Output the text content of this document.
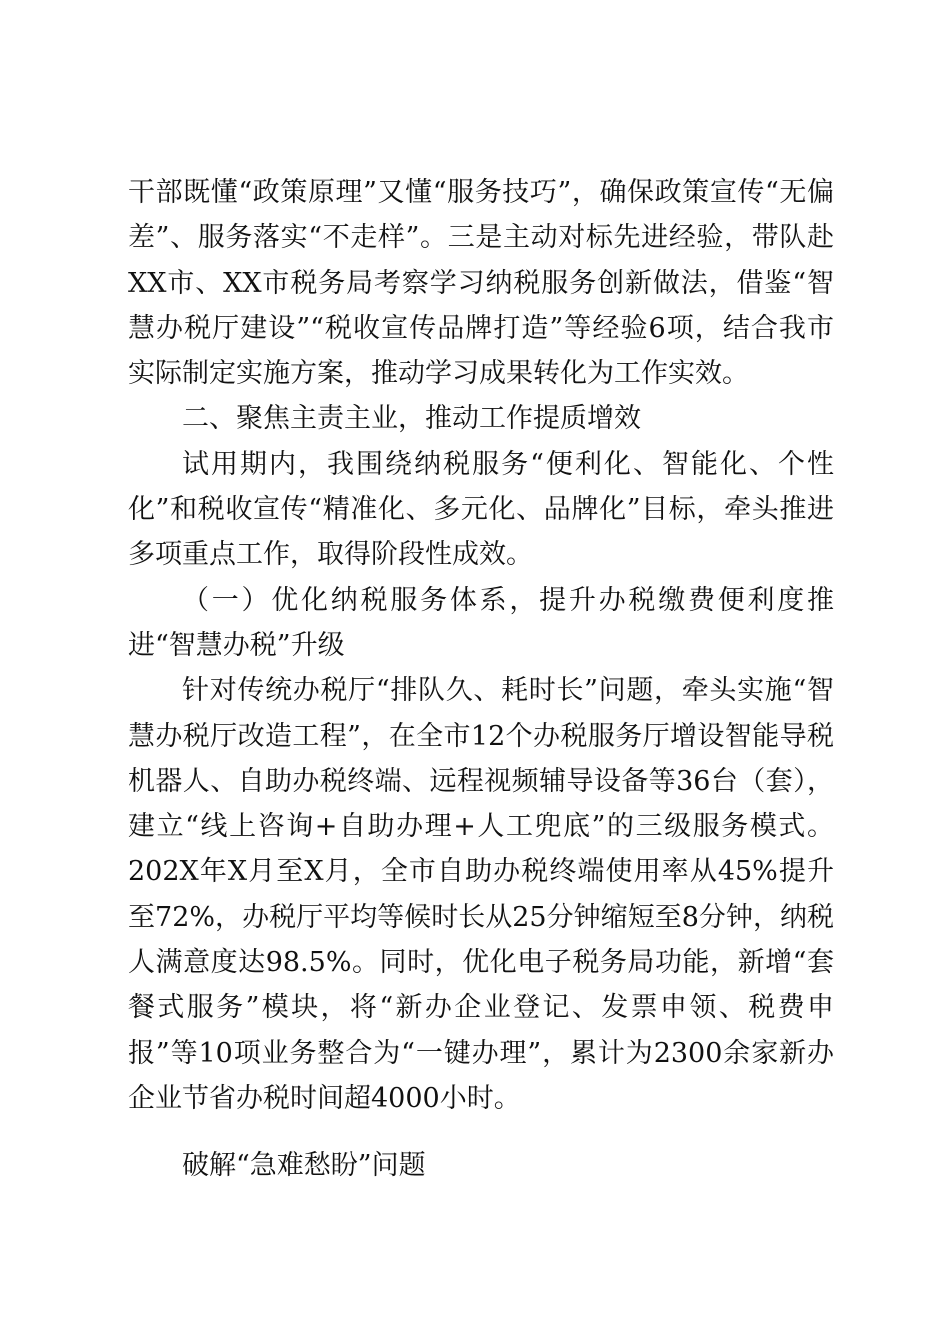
干部既懂“政策原理”又懂“服务技巧”，确保政策宣传“无偏差”、服务落实“不走样”。三是主动对标先进经验，带队赴XX市、XX市税务局考察学习纳税服务创新做法，借鉴“智慧办税厅建设”“税收宣传品牌打造”等经验6项，结合我市实际制定实施方案，推动学习成果转化为工作实效。

二、聚焦主责主业，推动工作提质增效

试用期内，我围绕纳税服务“便利化、智能化、个性化”和税收宣传“精准化、多元化、品牌化”目标，牵头推进多项重点工作，取得阶段性成效。

（一）优化纳税服务体系，提升办税缴费便利度推进“智慧办税”升级

针对传统办税厅“排队久、耗时长”问题，牵头实施“智慧办税厅改造工程”，在全市12个办税服务厅增设智能导税机器人、自助办税终端、远程视频辅导设备等36台（套），建立“线上咨询+自助办理+人工兜底”的三级服务模式。202X年X月至X月，全市自助办税终端使用率从45%提升至72%，办税厅平均等候时长从25分钟缩短至8分钟，纳税人满意度达98.5%。同时，优化电子税务局功能，新增“套餐式服务”模块，将“新办企业登记、发票申领、税费申报”等10项业务整合为“一键办理”，累计为2300余家新办企业节省办税时间超4000小时。

破解“急难愁盼”问题
